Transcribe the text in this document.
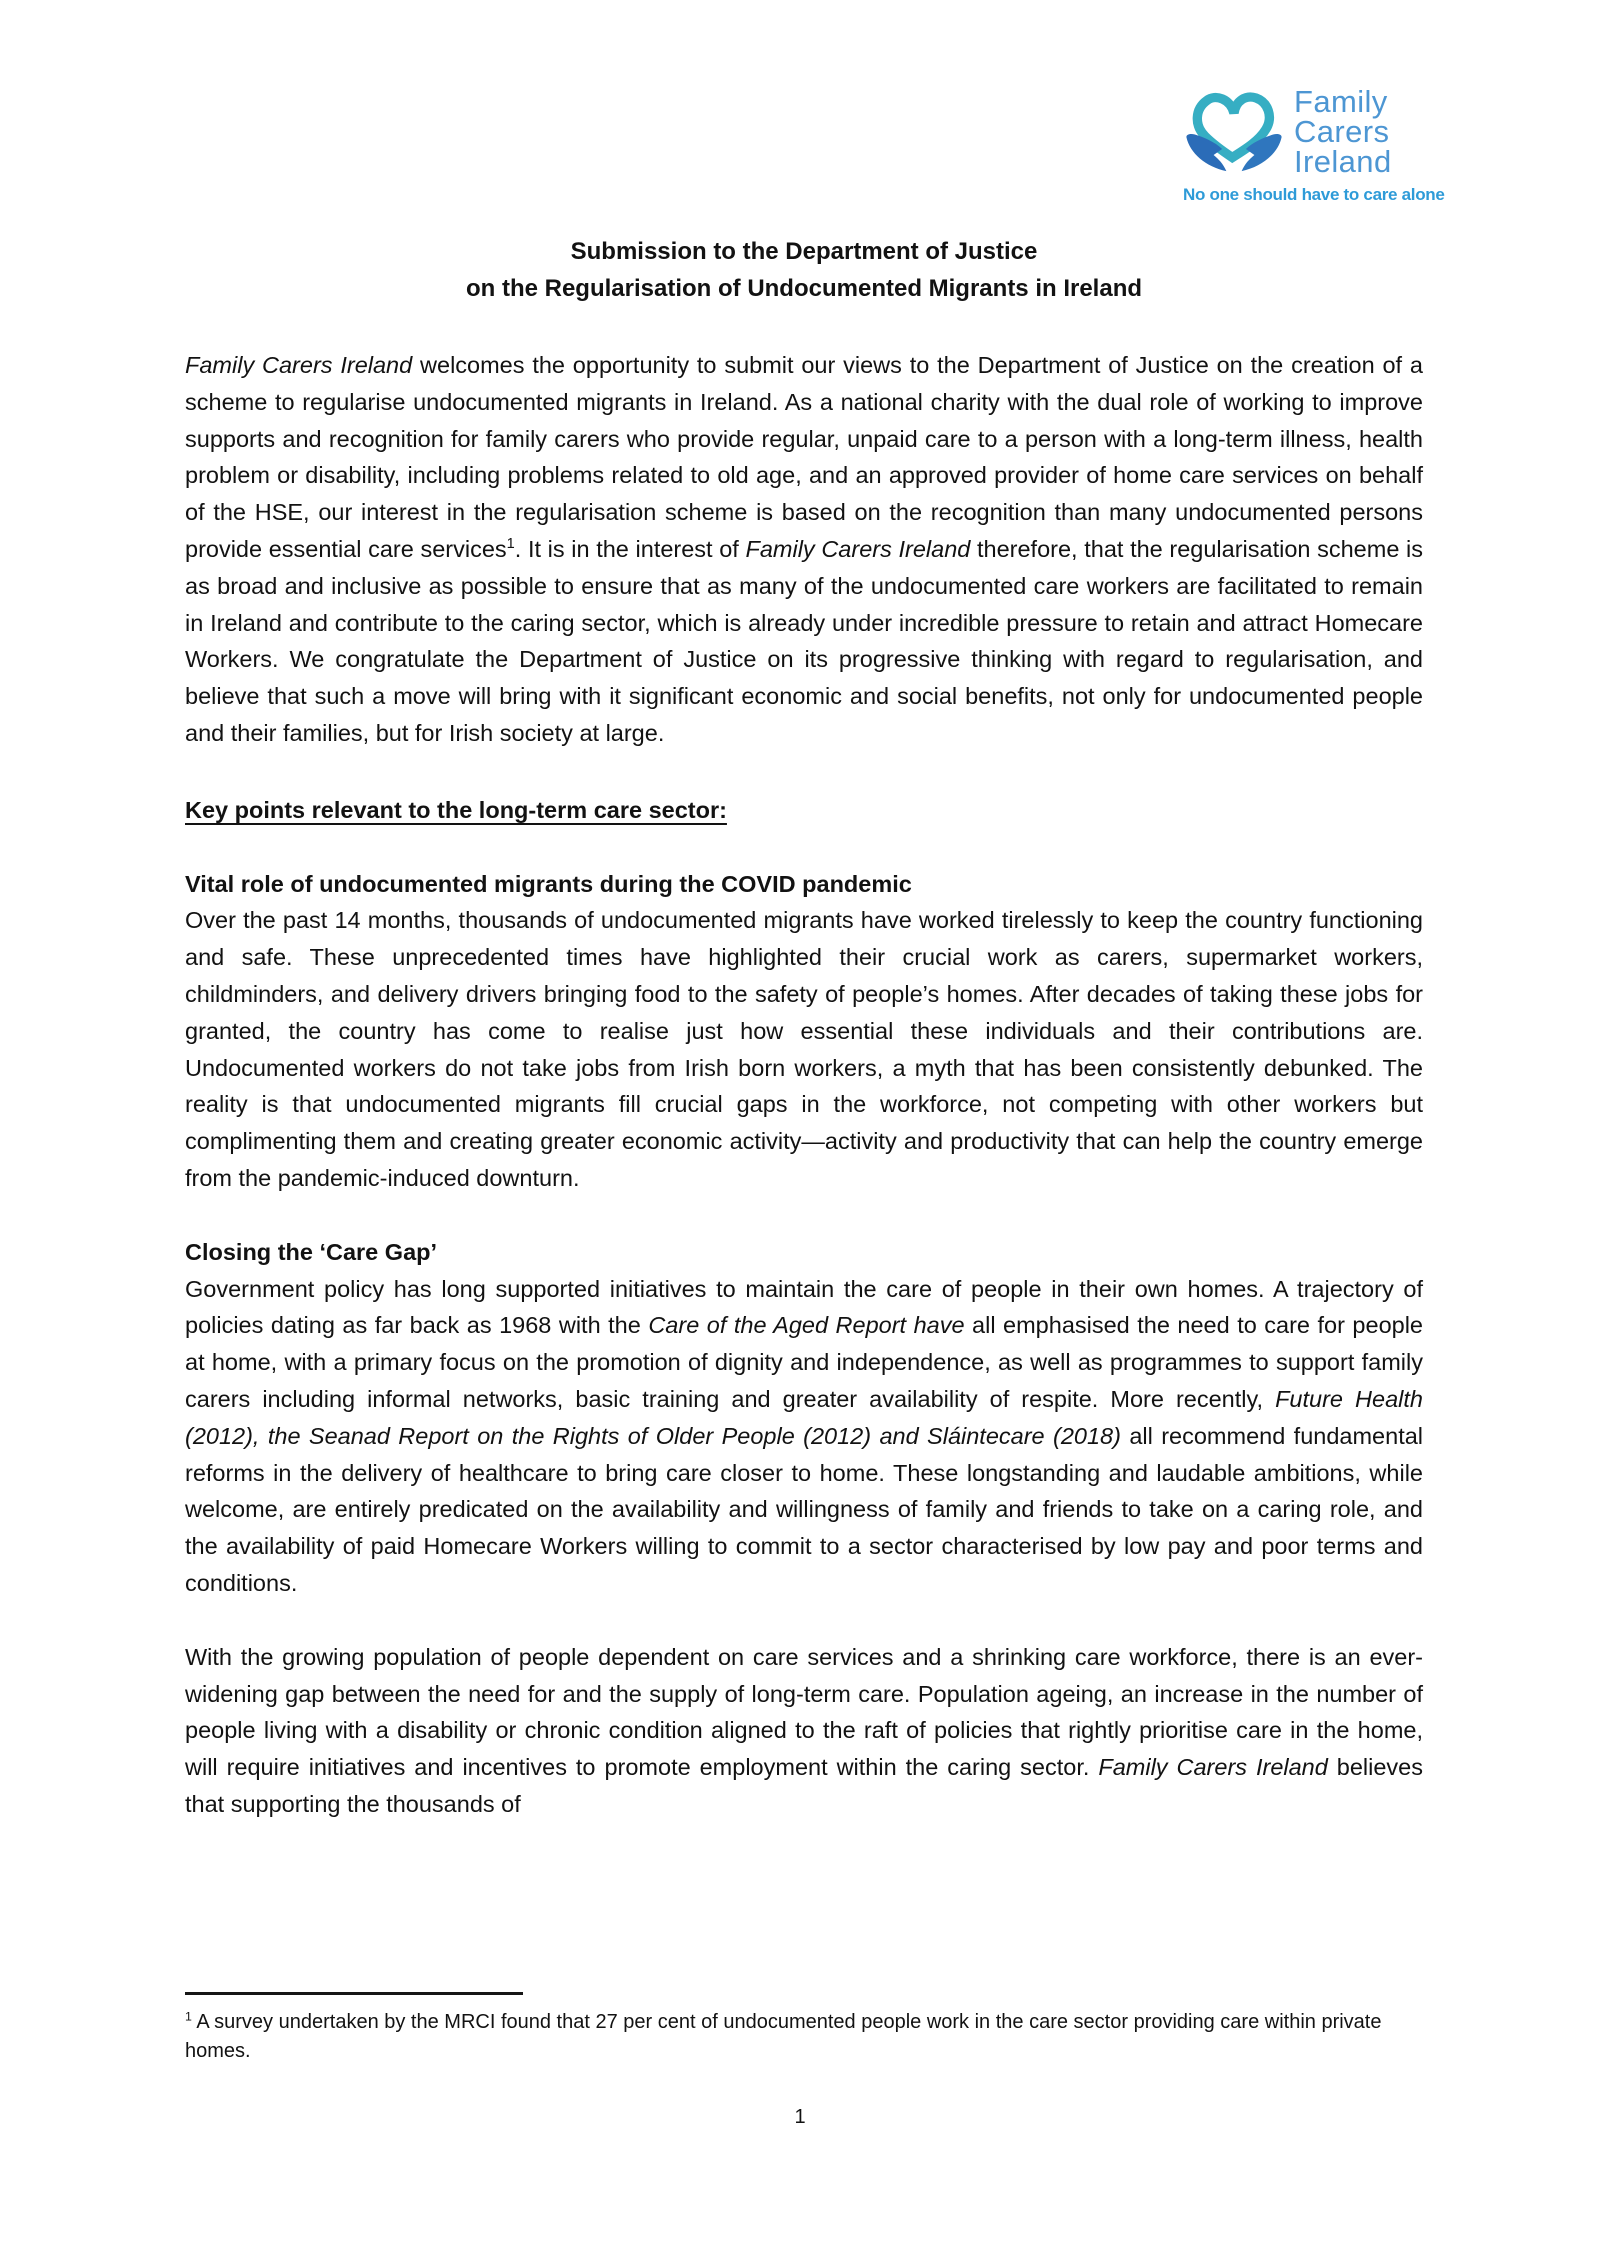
Family
Carers
Ireland
No one should have to care alone
Submission to the Department of Justice
on the Regularisation of Undocumented Migrants in Ireland

Family Carers Ireland welcomes the opportunity to submit our views to the Department of Justice on the creation of a scheme to regularise undocumented migrants in Ireland. As a national charity with the dual role of working to improve supports and recognition for family carers who provide regular, unpaid care to a person with a long-term illness, health problem or disability, including problems related to old age, and an approved provider of home care services on behalf of the HSE, our interest in the regularisation scheme is based on the recognition than many undocumented persons provide essential care services$^1$. It is in the interest of Family Carers Ireland therefore, that the regularisation scheme is as broad and inclusive as possible to ensure that as many of the undocumented care workers are facilitated to remain in Ireland and contribute to the caring sector, which is already under incredible pressure to retain and attract Homecare Workers. We congratulate the Department of Justice on its progressive thinking with regard to regularisation, and believe that such a move will bring with it significant economic and social benefits, not only for undocumented people and their families, but for Irish society at large.

Key points relevant to the long-term care sector:
Vital role of undocumented migrants during the COVID pandemic

Over the past 14 months, thousands of undocumented migrants have worked tirelessly to keep the country functioning and safe. These unprecedented times have highlighted their crucial work as carers, supermarket workers, childminders, and delivery drivers bringing food to the safety of people’s homes. After decades of taking these jobs for granted, the country has come to realise just how essential these individuals and their contributions are. Undocumented workers do not take jobs from Irish born workers, a myth that has been consistently debunked. The reality is that undocumented migrants fill crucial gaps in the workforce, not competing with other workers but complimenting them and creating greater economic activity—activity and productivity that can help the country emerge from the pandemic-induced downturn.

Closing the ‘Care Gap’

Government policy has long supported initiatives to maintain the care of people in their own homes. A trajectory of policies dating as far back as 1968 with the Care of the Aged Report have all emphasised the need to care for people at home, with a primary focus on the promotion of dignity and independence, as well as programmes to support family carers including informal networks, basic training and greater availability of respite. More recently, Future Health (2012), the Seanad Report on the Rights of Older People (2012) and Sláintecare (2018) all recommend fundamental reforms in the delivery of healthcare to bring care closer to home. These longstanding and laudable ambitions, while welcome, are entirely predicated on the availability and willingness of family and friends to take on a caring role, and the availability of paid Homecare Workers willing to commit to a sector characterised by low pay and poor terms and conditions.

With the growing population of people dependent on care services and a shrinking care workforce, there is an ever-widening gap between the need for and the supply of long-term care. Population ageing, an increase in the number of people living with a disability or chronic condition aligned to the raft of policies that rightly prioritise care in the home, will require initiatives and incentives to promote employment within the caring sector. Family Carers Ireland believes that supporting the thousands of

$^1$ A survey undertaken by the MRCI found that 27 per cent of undocumented people work in the care sector providing care within private homes.

1
